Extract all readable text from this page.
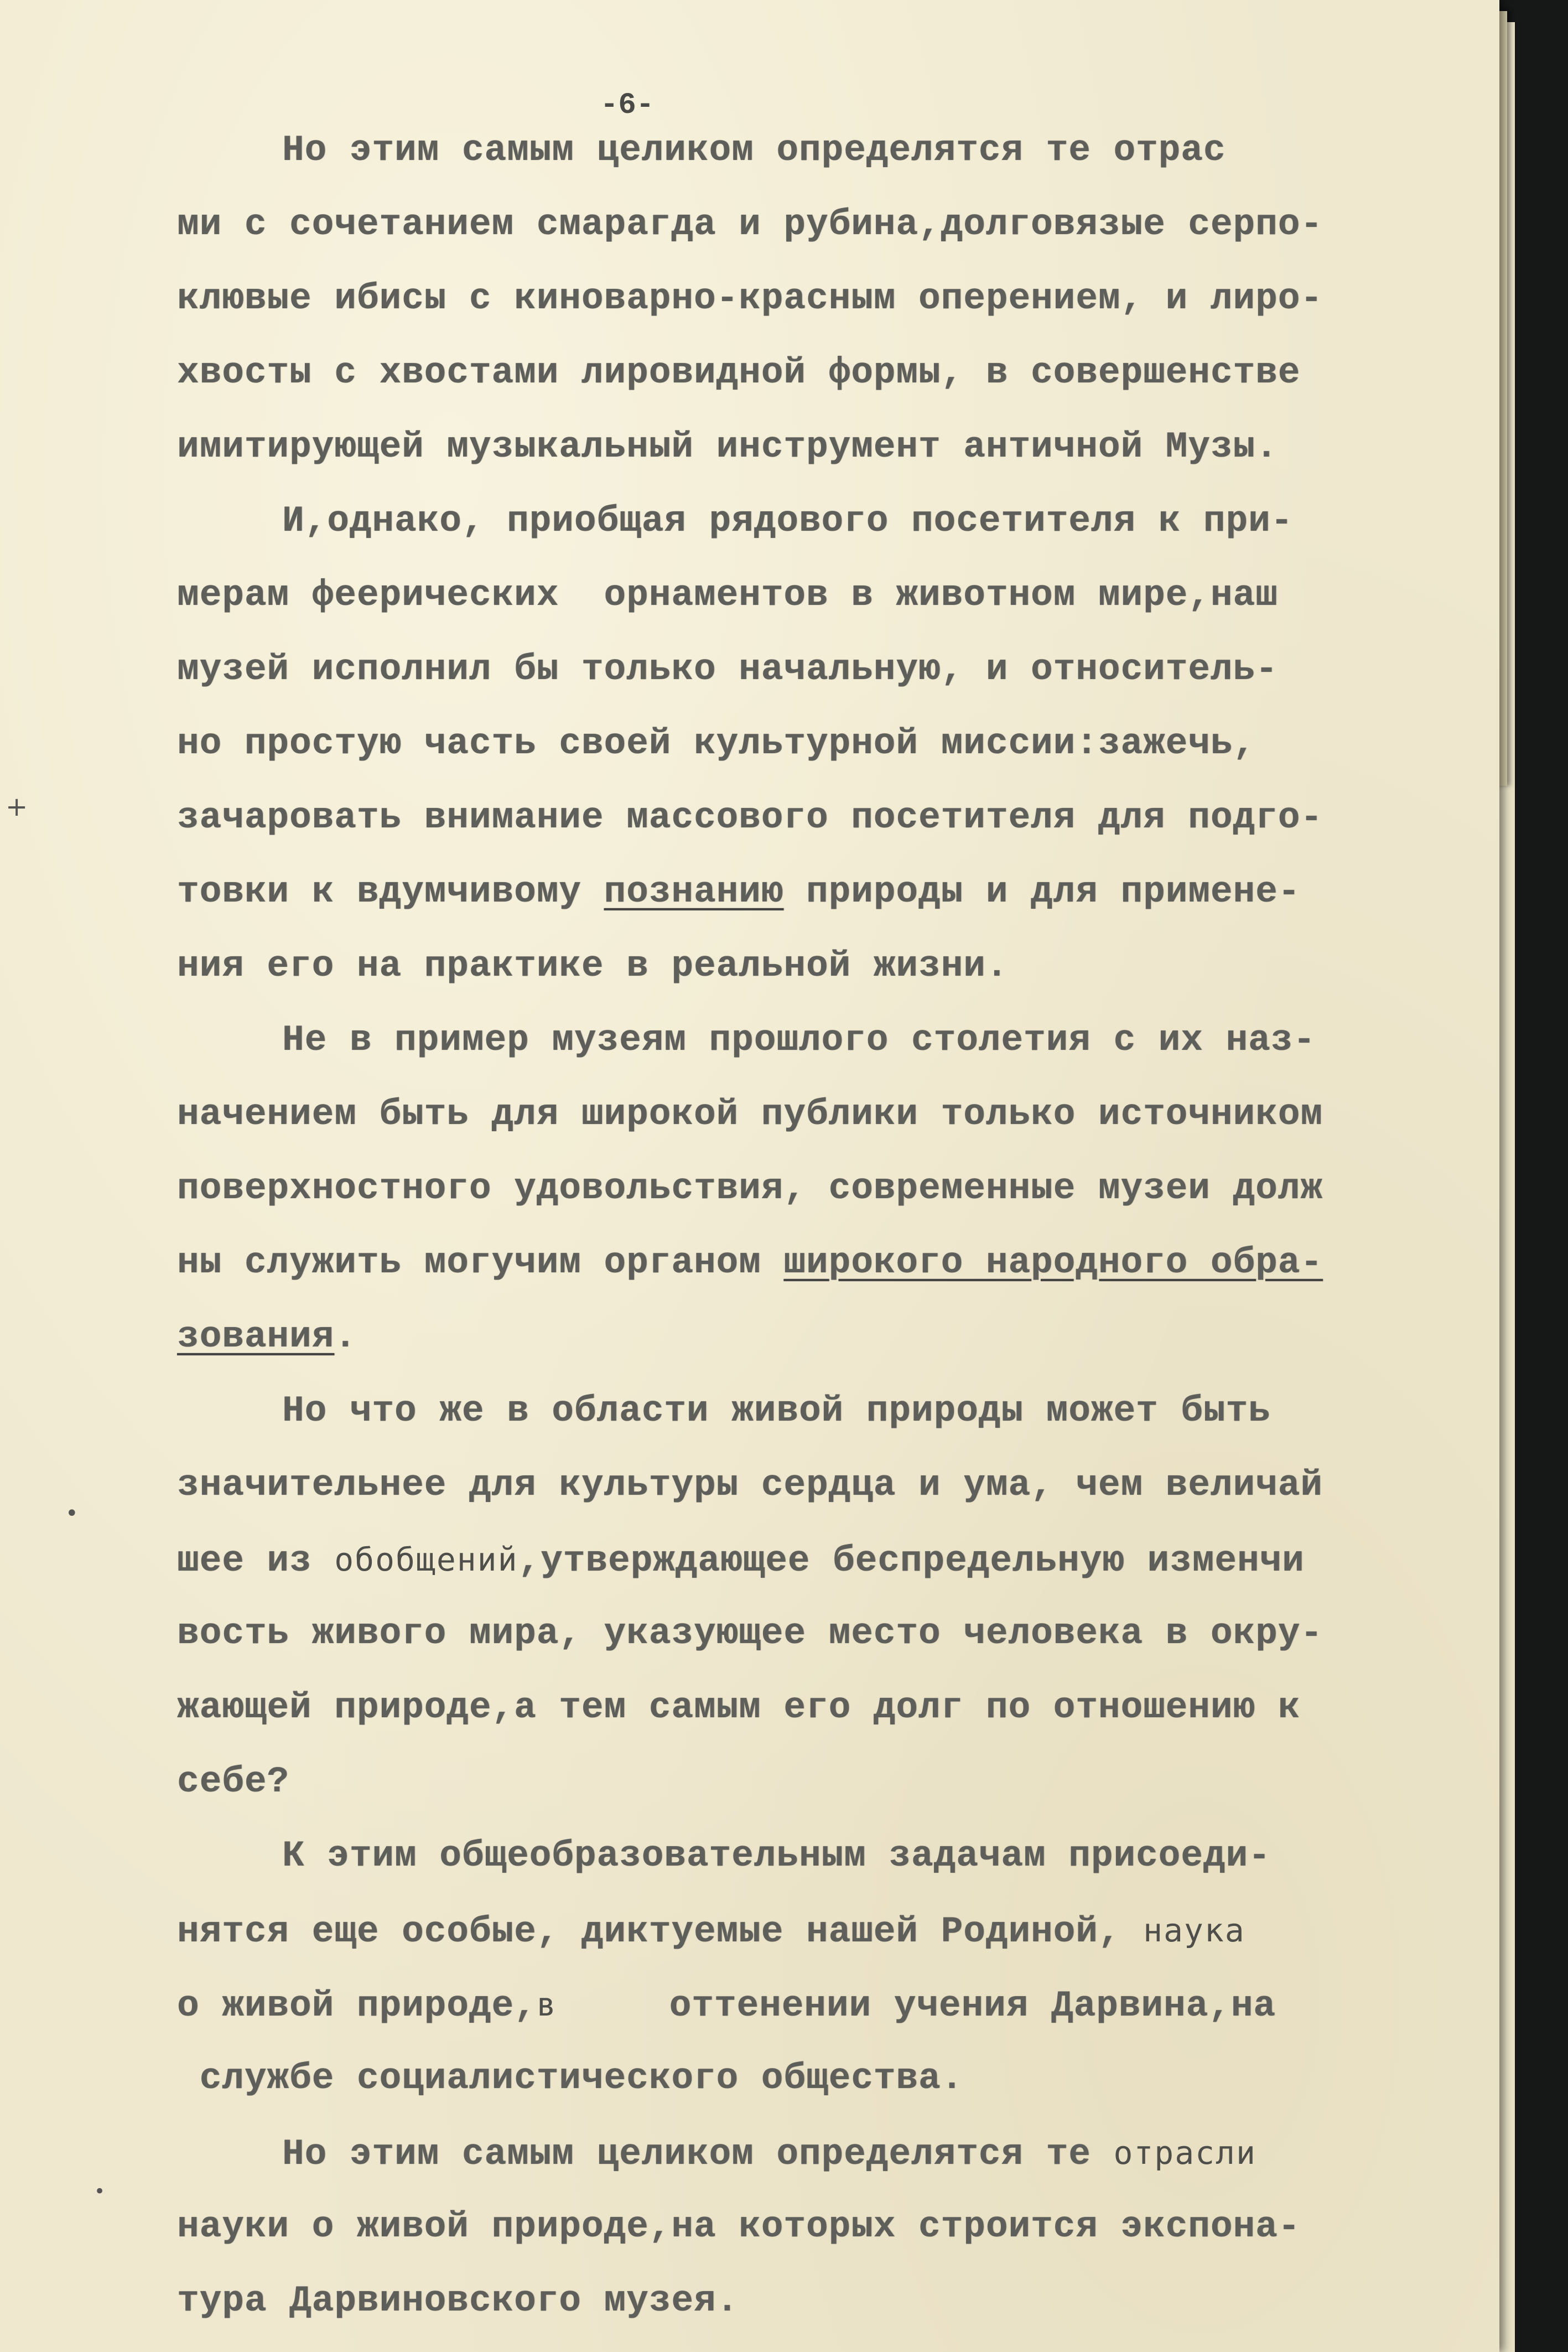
-6-

Но этим самым целиком определятся те отрас
ми с сочетанием смарагда и рубина,долговязые серпо-
клювые ибисы с киноварно-красным оперением, и лиро-
хвосты с хвостами лировидной формы, в совершенстве
имитирующей музыкальный инструмент античной Музы.
И,однако, приобщая рядового посетителя к при-
мерам феерических  орнаментов в животном мире,наш
музей исполнил бы только начальную, и относитель-
но простую часть своей культурной миссии:зажечь,
зачаровать внимание массового посетителя для подго-
товки к вдумчивому познанию природы и для примене-
ния его на практике в реальной жизни.
Не в пример музеям прошлого столетия с их наз-
начением быть для широкой публики только источником
поверхностного удовольствия, современные музеи долж
ны служить могучим органом широкого народного обра-
зования.
Но что же в области живой природы может быть
значительнее для культуры сердца и ума, чем величай
шее из обобщений,утверждающее беспредельную изменчи
вость живого мира, указующее место человека в окру-
жающей природе,а тем самым его долг по отношению к
себе?
К этим общеобразовательным задачам присоеди-
нятся еще особые, диктуемые нашей Родиной, наука
о живой природе,в     оттенении учения Дарвина,на
службе социалистического общества.
Но этим самым целиком определятся те отрасли
науки о живой природе,на которых строится экспона-
тура Дарвиновского музея.
•
+
•
